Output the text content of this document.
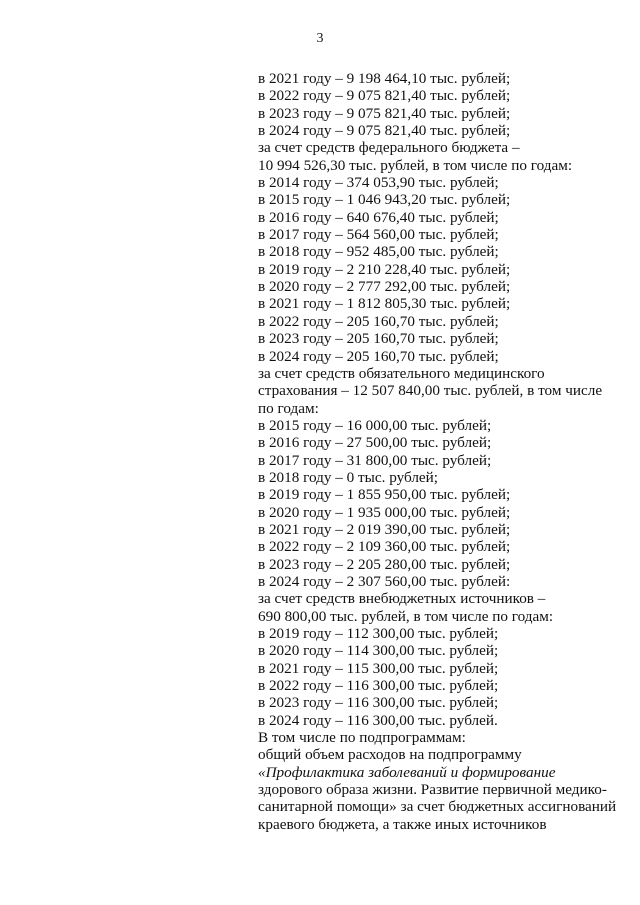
3
в 2021 году – 9 198 464,10 тыс. рублей;
в 2022 году – 9 075 821,40 тыс. рублей;
в 2023 году – 9 075 821,40 тыс. рублей;
в 2024 году – 9 075 821,40 тыс. рублей;
за счет средств федерального бюджета –
10 994 526,30 тыс. рублей, в том числе по годам:
в 2014 году – 374 053,90 тыс. рублей;
в 2015 году – 1 046 943,20 тыс. рублей;
в 2016 году – 640 676,40 тыс. рублей;
в 2017 году – 564 560,00 тыс. рублей;
в 2018 году – 952 485,00 тыс. рублей;
в 2019 году – 2 210 228,40 тыс. рублей;
в 2020 году – 2 777 292,00 тыс. рублей;
в 2021 году – 1 812 805,30 тыс. рублей;
в 2022 году – 205 160,70 тыс. рублей;
в 2023 году – 205 160,70 тыс. рублей;
в 2024 году – 205 160,70 тыс. рублей;
за счет средств обязательного медицинского
страхования – 12 507 840,00 тыс. рублей, в том числе
по годам:
в 2015 году – 16 000,00 тыс. рублей;
в 2016 году – 27 500,00 тыс. рублей;
в 2017 году – 31 800,00 тыс. рублей;
в 2018 году – 0 тыс. рублей;
в 2019 году – 1 855 950,00 тыс. рублей;
в 2020 году – 1 935 000,00 тыс. рублей;
в 2021 году – 2 019 390,00 тыс. рублей;
в 2022 году – 2 109 360,00 тыс. рублей;
в 2023 году – 2 205 280,00 тыс. рублей;
в 2024 году – 2 307 560,00 тыс. рублей:
за счет средств внебюджетных источников –
690 800,00 тыс. рублей, в том числе по годам:
в 2019 году – 112 300,00 тыс. рублей;
в 2020 году – 114 300,00 тыс. рублей;
в 2021 году – 115 300,00 тыс. рублей;
в 2022 году – 116 300,00 тыс. рублей;
в 2023 году – 116 300,00 тыс. рублей;
в 2024 году – 116 300,00 тыс. рублей.
В том числе по подпрограммам:
общий объем расходов на подпрограмму
«Профилактика заболеваний и формирование
здорового образа жизни. Развитие первичной медико-
санитарной помощи» за счет бюджетных ассигнований
краевого бюджета, а также иных источников
